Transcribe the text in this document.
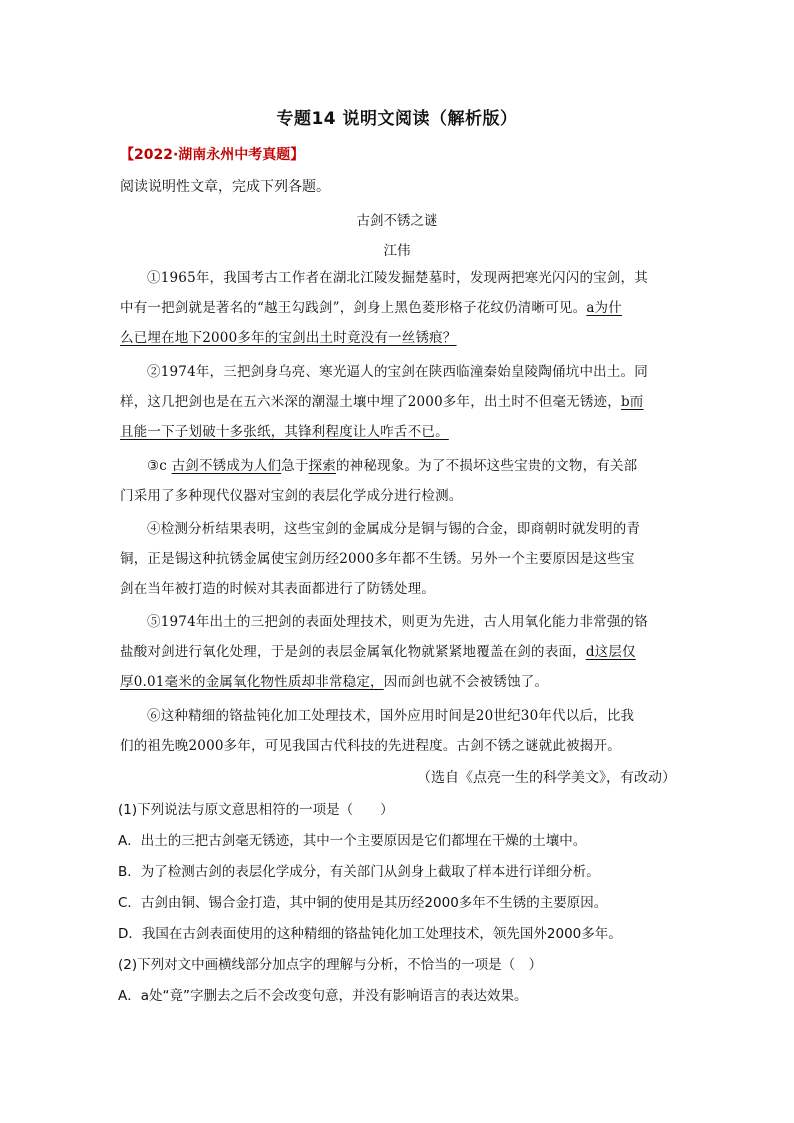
专题14 说明文阅读（解析版）
【2022·湖南永州中考真题】
阅读说明性文章，完成下列各题。
古剑不锈之谜
江伟
①1965年，我国考古工作者在湖北江陵发掘楚墓时，发现两把寒光闪闪的宝剑，其
中有一把剑就是著名的“越王勾践剑”，剑身上黑色菱形格子花纹仍清晰可见。a为什
么已埋在地下2000多年的宝剑出土时竟没有一丝锈痕？
②1974年，三把剑身乌亮、寒光逼人的宝剑在陕西临潼秦始皇陵陶俑坑中出土。同
样，这几把剑也是在五六米深的潮湿土壤中埋了2000多年，出土时不但毫无锈迹，b而
且能一下子划破十多张纸，其锋利程度让人咋舌不已。
③c 古剑不锈成为人们急于探索的神秘现象。为了不损坏这些宝贵的文物，有关部
门采用了多种现代仪器对宝剑的表层化学成分进行检测。
④检测分析结果表明，这些宝剑的金属成分是铜与锡的合金，即商朝时就发明的青
铜，正是锡这种抗锈金属使宝剑历经2000多年都不生锈。另外一个主要原因是这些宝
剑在当年被打造的时候对其表面都进行了防锈处理。
⑤1974年出土的三把剑的表面处理技术，则更为先进，古人用氧化能力非常强的铬
盐酸对剑进行氧化处理，于是剑的表层金属氧化物就紧紧地覆盖在剑的表面，d这层仅
厚0.01毫米的金属氧化物性质却非常稳定，因而剑也就不会被锈蚀了。
⑥这种精细的铬盐钝化加工处理技术，国外应用时间是20世纪30年代以后，比我
们的祖先晚2000多年，可见我国古代科技的先进程度。古剑不锈之谜就此被揭开。
（选自《点亮一生的科学美文》，有改动）
(1)下列说法与原文意思相符的一项是（　　）
A．出土的三把古剑毫无锈迹，其中一个主要原因是它们都埋在干燥的土壤中。
B．为了检测古剑的表层化学成分，有关部门从剑身上截取了样本进行详细分析。
C．古剑由铜、锡合金打造，其中铜的使用是其历经2000多年不生锈的主要原因。
D．我国在古剑表面使用的这种精细的铬盐钝化加工处理技术，领先国外2000多年。
(2)下列对文中画横线部分加点字的理解与分析，不恰当的一项是（　）
A．a处“竟”字删去之后不会改变句意，并没有影响语言的表达效果。
